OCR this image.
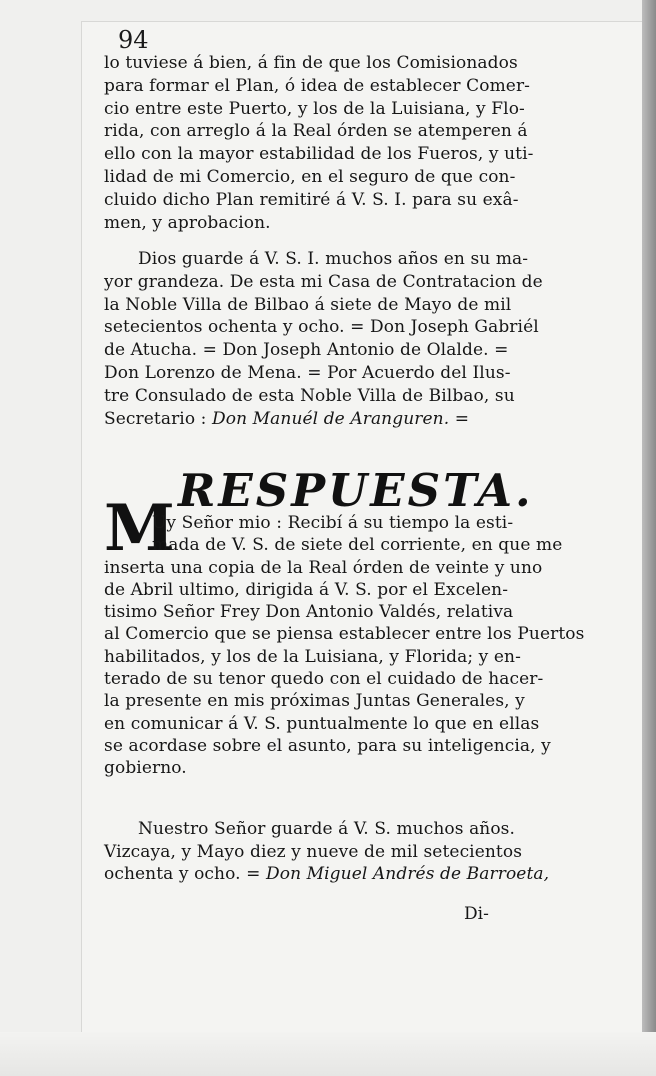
94
lo tuviese á bien, á fin de que los Comisionados
para formar el Plan, ó idea de establecer Comer-
cio entre este Puerto, y los de la Luisiana, y Flo-
rida, con arreglo á la Real órden se atemperen á
ello con la mayor estabilidad de los Fueros, y uti-
lidad de mi Comercio, en el seguro de que con-
cluido dicho Plan remitiré á V. S. I. para su exâ-
men, y aprobacion.
Dios guarde á V. S. I. muchos años en su ma-
yor grandeza. De esta mi Casa de Contratacion de
la Noble Villa de Bilbao á siete de Mayo de mil
setecientos ochenta y ocho. = Don Joseph Gabriél
de Atucha. = Don Joseph Antonio de Olalde. =
Don Lorenzo de Mena. = Por Acuerdo del Ilus-
tre Consulado de esta Noble Villa de Bilbao, su
Secretario : Don Manuél de Aranguren. =
RESPUESTA.
M
Uy Señor mio : Recibí á su tiempo la esti-
mada de V. S. de siete del corriente, en que me
inserta una copia de la Real órden de veinte y uno
de Abril ultimo, dirigida á V. S. por el Excelen-
tisimo Señor Frey Don Antonio Valdés, relativa
al Comercio que se piensa establecer entre los Puertos
habilitados, y los de la Luisiana, y Florida; y en-
terado de su tenor quedo con el cuidado de hacer-
la presente en mis próximas Juntas Generales, y
en comunicar á V. S. puntualmente lo que en ellas
se acordase sobre el asunto, para su inteligencia, y
gobierno.
Nuestro Señor guarde á V. S. muchos años.
Vizcaya, y Mayo diez y nueve de mil setecientos
ochenta y ocho. = Don Miguel Andrés de Barroeta,
Di-
